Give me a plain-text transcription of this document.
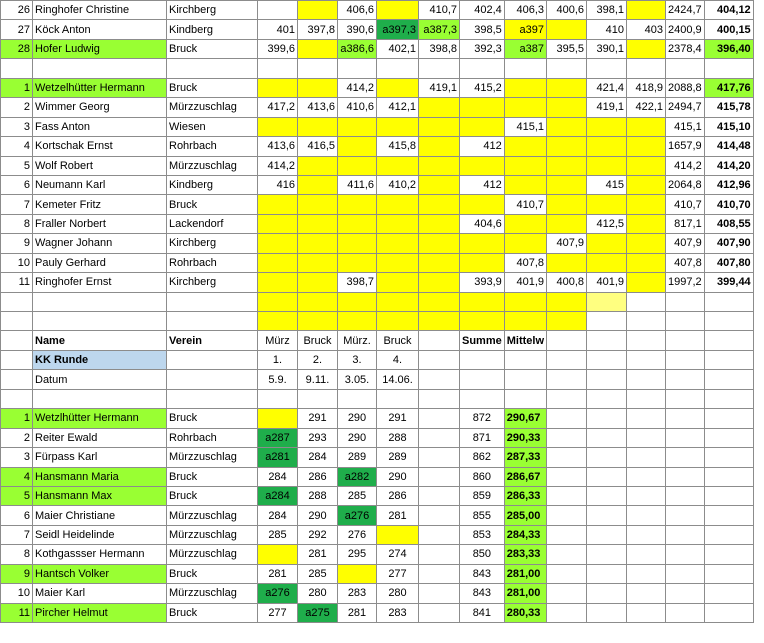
26	Ringhofer Christine	Kirchberg			406,6		410,7	402,4	406,3	400,6	398,1		2424,7	404,12
27	Köck Anton	Kindberg	401	397,8	390,6	a397,3	a387,3	398,5	a397		410	403	2400,9	400,15
28	Hofer Ludwig	Bruck	399,6		a386,6	402,1	398,8	392,3	a387	395,5	390,1		2378,4	396,40

1	Wetzelhütter Hermann	Bruck			414,2		419,1	415,2			421,4	418,9	2088,8	417,76
2	Wimmer Georg	Mürzzuschlag	417,2	413,6	410,6	412,1					419,1	422,1	2494,7	415,78
3	Fass Anton	Wiesen							415,1				415,1	415,10
4	Kortschak Ernst	Rohrbach	413,6	416,5		415,8		412					1657,9	414,48
5	Wolf Robert	Mürzzuschlag	414,2										414,2	414,20
6	Neumann Karl	Kindberg	416		411,6	410,2		412			415		2064,8	412,96
7	Kemeter Fritz	Bruck							410,7				410,7	410,70
8	Fraller Norbert	Lackendorf						404,6			412,5		817,1	408,55
9	Wagner Johann	Kirchberg								407,9			407,9	407,90
10	Pauly Gerhard	Rohrbach							407,8				407,8	407,80
11	Ringhofer Ernst	Kirchberg			398,7			393,9	401,9	400,8	401,9		1997,2	399,44

	Name	Verein	Mürz	Bruck	Mürz.	Bruck		Summe	Mittelw					
	KK Runde		1.	2.	3.	4.								
	Datum		5.9.	9.11.	3.05.	14.06.								

1	Wetzlhütter Hermann	Bruck		291	290	291		872	290,67					
2	Reiter Ewald	Rohrbach	a287	293	290	288		871	290,33					
3	Fürpass Karl	Mürzzuschlag	a281	284	289	289		862	287,33					
4	Hansmann Maria	Bruck	284	286	a282	290		860	286,67					
5	Hansmann Max	Bruck	a284	288	285	286		859	286,33					
6	Maier Christiane	Mürzzuschlag	284	290	a276	281		855	285,00					
7	Seidl Heidelinde	Mürzzuschlag	285	292	276			853	284,33					
8	Kothgassser Hermann	Mürzzuschlag		281	295	274		850	283,33					
9	Hantsch Volker	Bruck	281	285		277		843	281,00					
10	Maier Karl	Mürzzuschlag	a276	280	283	280		843	281,00					
11	Pircher Helmut	Bruck	277	a275	281	283		841	280,33					
